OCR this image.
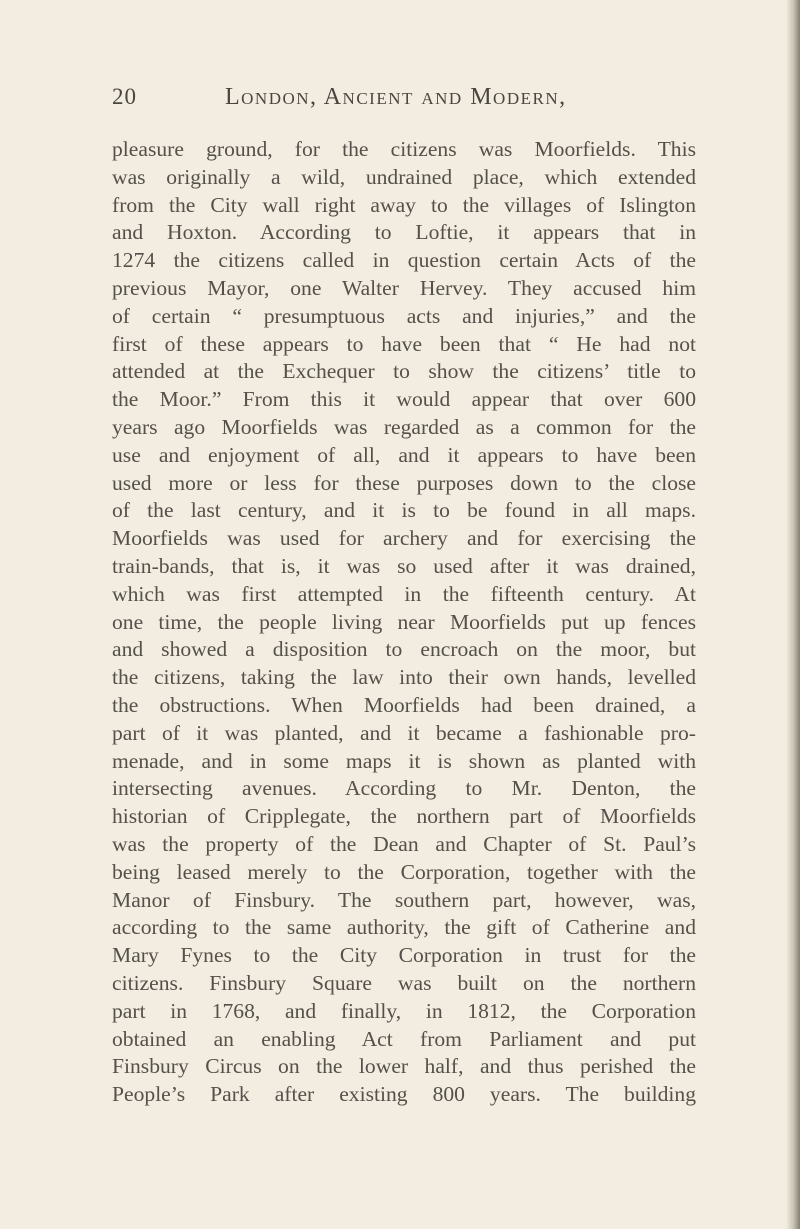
20	London, Ancient and Modern,
pleasure ground, for the citizens was Moorfields. This
was originally a wild, undrained place, which extended
from the City wall right away to the villages of Islington
and Hoxton. According to Loftie, it appears that in
1274 the citizens called in question certain Acts of the
previous Mayor, one Walter Hervey. They accused him
of certain “ presumptuous acts and injuries,” and the
first of these appears to have been that “ He had not
attended at the Exchequer to show the citizens’ title to
the Moor.” From this it would appear that over 600
years ago Moorfields was regarded as a common for the
use and enjoyment of all, and it appears to have been
used more or less for these purposes down to the close
of the last century, and it is to be found in all maps.
Moorfields was used for archery and for exercising the
train-bands, that is, it was so used after it was drained,
which was first attempted in the fifteenth century. At
one time, the people living near Moorfields put up fences
and showed a disposition to encroach on the moor, but
the citizens, taking the law into their own hands, levelled
the obstructions. When Moorfields had been drained, a
part of it was planted, and it became a fashionable pro-
menade, and in some maps it is shown as planted with
intersecting avenues. According to Mr. Denton, the
historian of Cripplegate, the northern part of Moorfields
was the property of the Dean and Chapter of St. Paul’s
being leased merely to the Corporation, together with the
Manor of Finsbury. The southern part, however, was,
according to the same authority, the gift of Catherine and
Mary Fynes to the City Corporation in trust for the
citizens. Finsbury Square was built on the northern
part in 1768, and finally, in 1812, the Corporation
obtained an enabling Act from Parliament and put
Finsbury Circus on the lower half, and thus perished the
People’s Park after existing 800 years. The building
